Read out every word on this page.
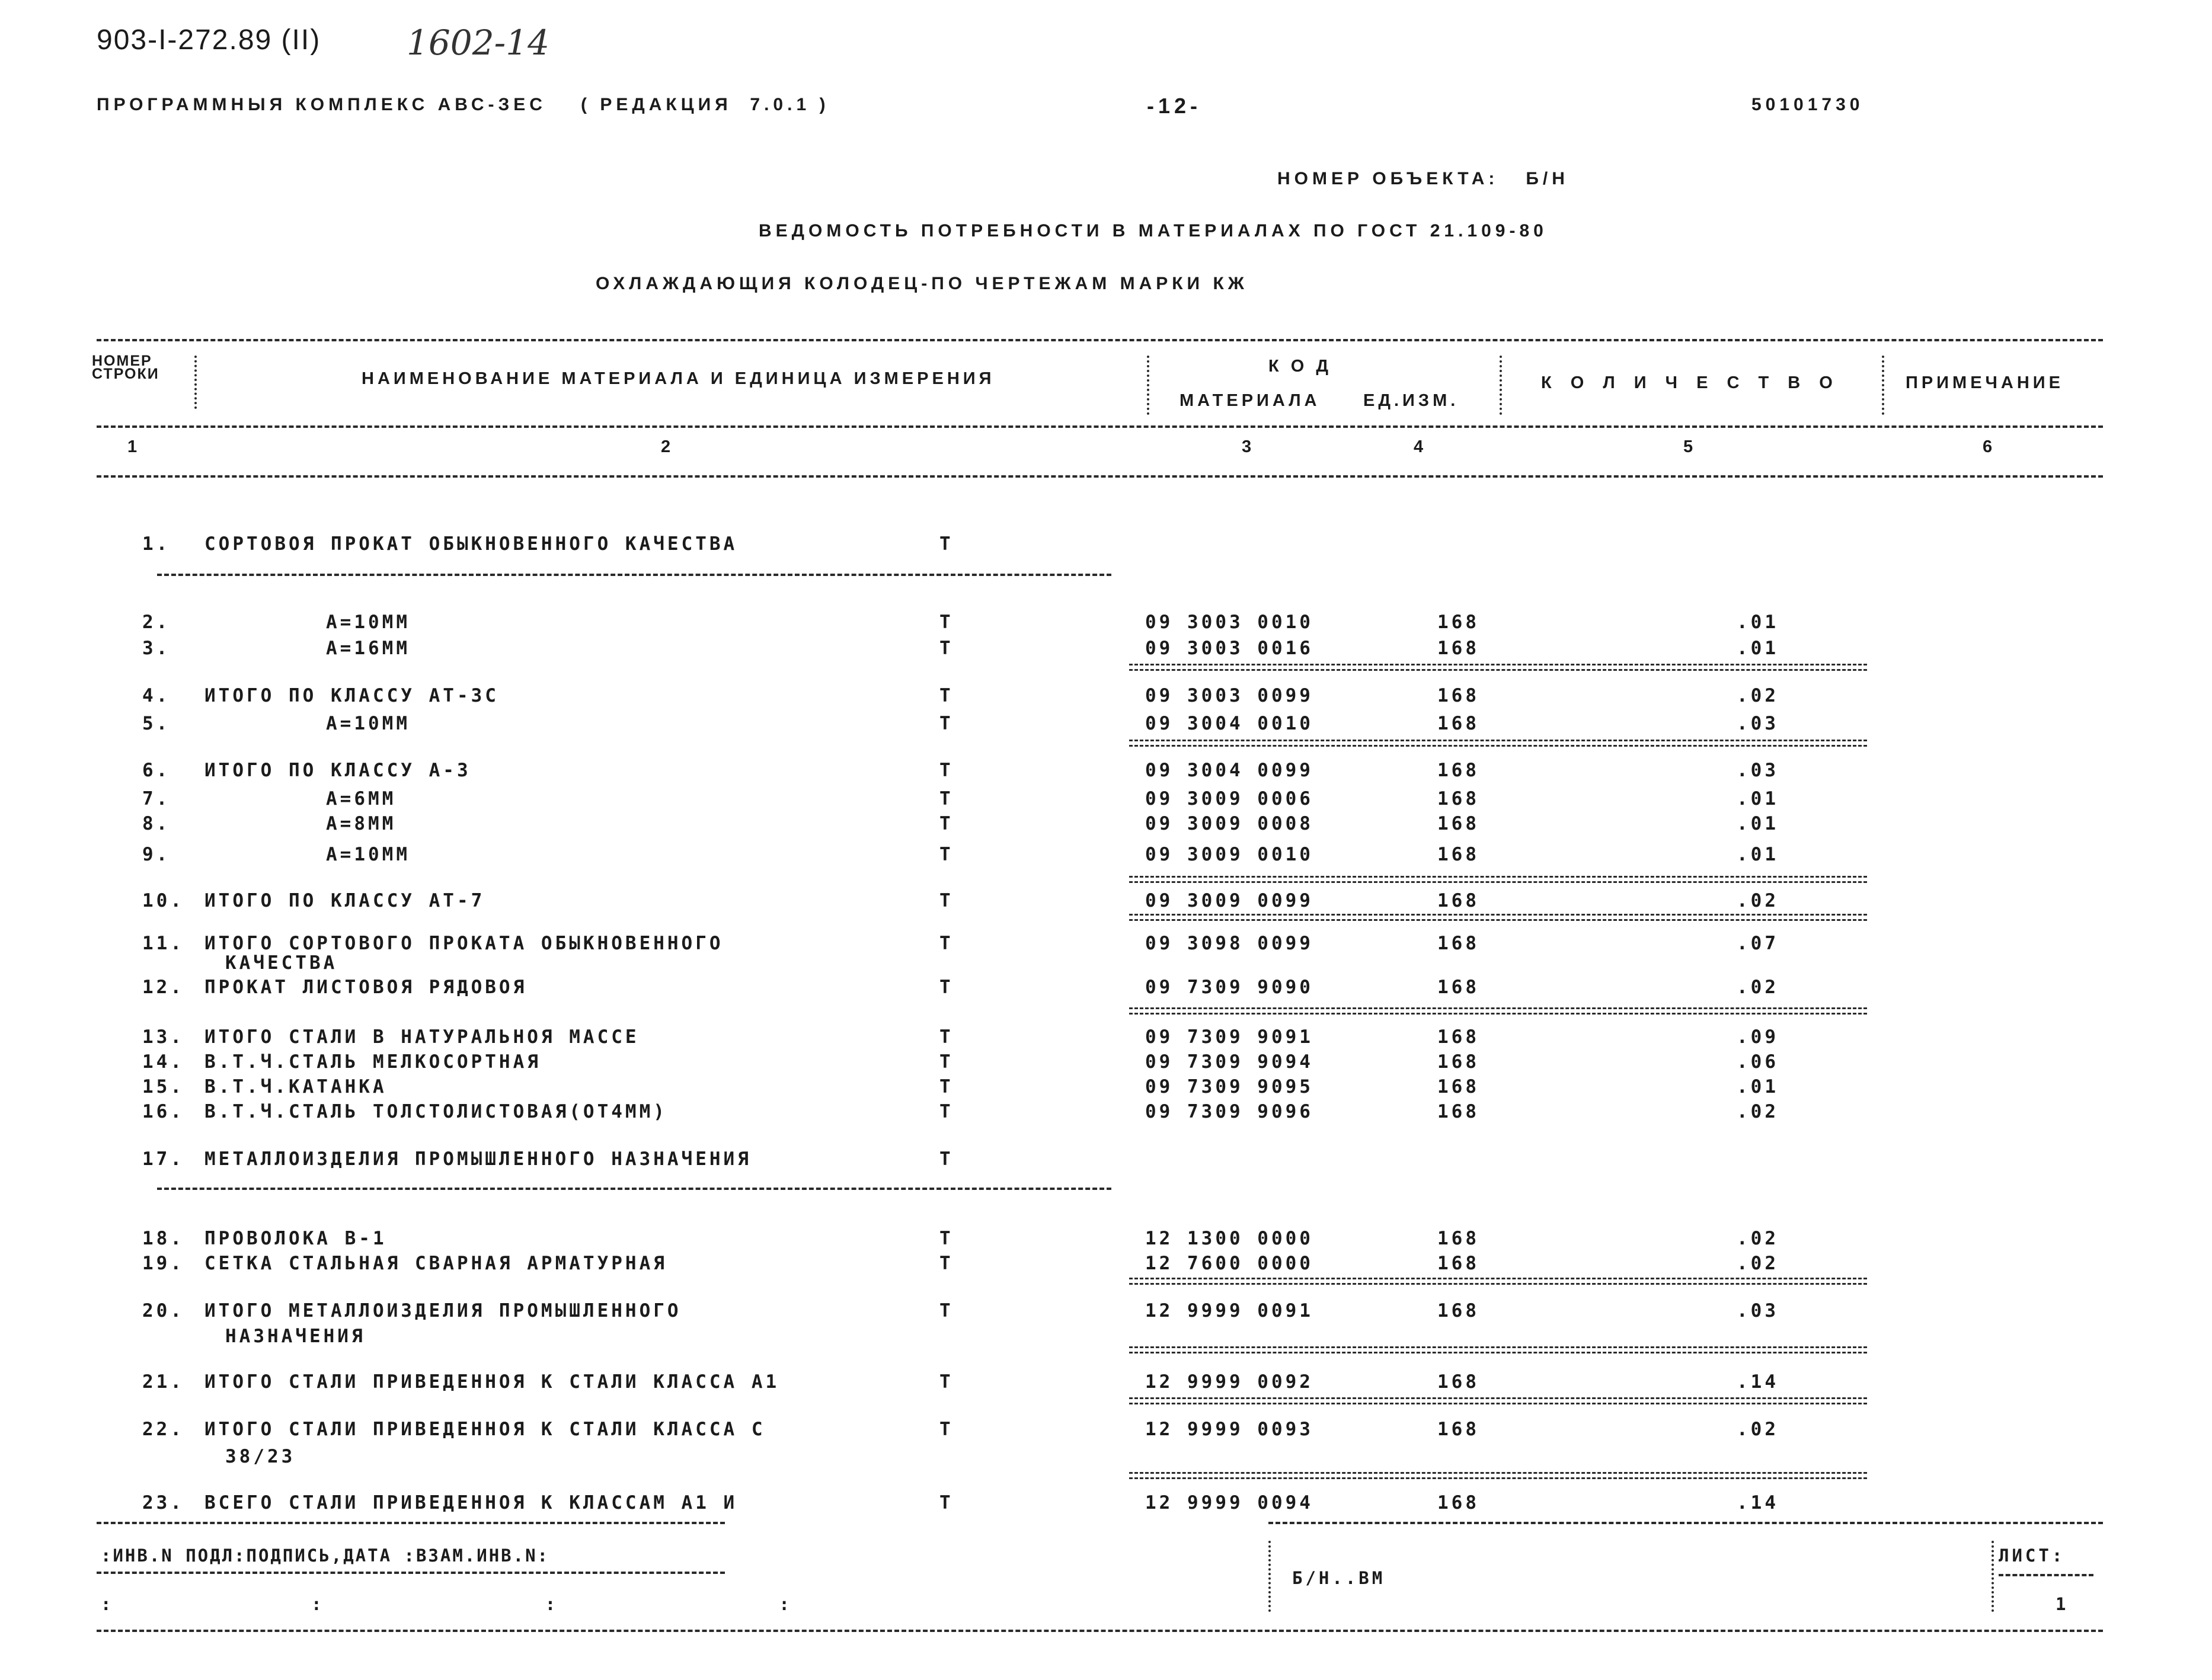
903-I-272.89 (II) 1602-14
ПРОГРАММНЫЯ КОМПЛЕКС АВС-ЗЕС ( РЕДАКЦИЯ  7.0.1 )	-12-	50101730
НОМЕР ОБЪЕКТА:   Б/Н
ВЕДОМОСТЬ ПОТРЕБНОСТИ В МАТЕРИАЛАХ ПО ГОСТ 21.109-80
ОХЛАЖДАЮЩИЯ КОЛОДЕЦ-ПО ЧЕРТЕЖАМ МАРКИ КЖ
НОМЕР
СТРОКИ	НАИМЕНОВАНИЕ МАТЕРИАЛА И ЕДИНИЦА ИЗМЕРЕНИЯ
К О Д
МАТЕРИАЛА	ЕД.ИЗМ.
К О Л И Ч Е С Т В О	ПРИМЕЧАНИЕ
1	2	3	4	5	6
1. СОРТОВОЯ ПРОКАТ ОБЫКНОВЕННОГО КАЧЕСТВА	Т
2.	А=10ММ	Т	09 3003 0010	168	.01
3.	А=16ММ	Т	09 3003 0016	168	.01
4. ИТОГО ПО КЛАССУ АТ-3С	Т	09 3003 0099	168	.02
5.	А=10ММ	Т	09 3004 0010	168	.03
6. ИТОГО ПО КЛАССУ А-3	Т	09 3004 0099	168	.03
7.	А=6ММ	Т	09 3009 0006	168	.01
8.	А=8ММ	Т	09 3009 0008	168	.01
9.	А=10ММ	Т	09 3009 0010	168	.01
10. ИТОГО ПО КЛАССУ АТ-7	Т	09 3009 0099	168	.02
11. ИТОГО СОРТОВОГО ПРОКАТА ОБЫКНОВЕННОГО	Т	09 3098 0099	168	.07
КАЧЕСТВА
12. ПРОКАТ ЛИСТОВОЯ РЯДОВОЯ	Т	09 7309 9090	168	.02
13. ИТОГО СТАЛИ В НАТУРАЛЬНОЯ МАССЕ	Т	09 7309 9091	168	.09
14. В.Т.Ч.СТАЛЬ МЕЛКОСОРТНАЯ	Т	09 7309 9094	168	.06
15. В.Т.Ч.КАТАНКА	Т	09 7309 9095	168	.01
16. В.Т.Ч.СТАЛЬ ТОЛСТОЛИСТОВАЯ(ОТ4ММ)	Т	09 7309 9096	168	.02
17. МЕТАЛЛОИЗДЕЛИЯ ПРОМЫШЛЕННОГО НАЗНАЧЕНИЯ	Т
18. ПРОВОЛОКА В-1	Т	12 1300 0000	168	.02
19. СЕТКА СТАЛЬНАЯ СВАРНАЯ АРМАТУРНАЯ	Т	12 7600 0000	168	.02
20. ИТОГО МЕТАЛЛОИЗДЕЛИЯ ПРОМЫШЛЕННОГО	Т	12 9999 0091	168	.03
НАЗНАЧЕНИЯ
21. ИТОГО СТАЛИ ПРИВЕДЕННОЯ К СТАЛИ КЛАССА А1	Т	12 9999 0092	168	.14
22. ИТОГО СТАЛИ ПРИВЕДЕННОЯ К СТАЛИ КЛАССА С	Т	12 9999 0093	168	.02
38/23
23. ВСЕГО СТАЛИ ПРИВЕДЕННОЯ К КЛАССАМ А1 И	Т	12 9999 0094	168	.14
:ИНВ.N ПОДЛ:ПОДПИСЬ,ДАТА :ВЗАМ.ИНВ.N:
:        :         :         :
Б/Н..ВМ
ЛИСТ:
1
